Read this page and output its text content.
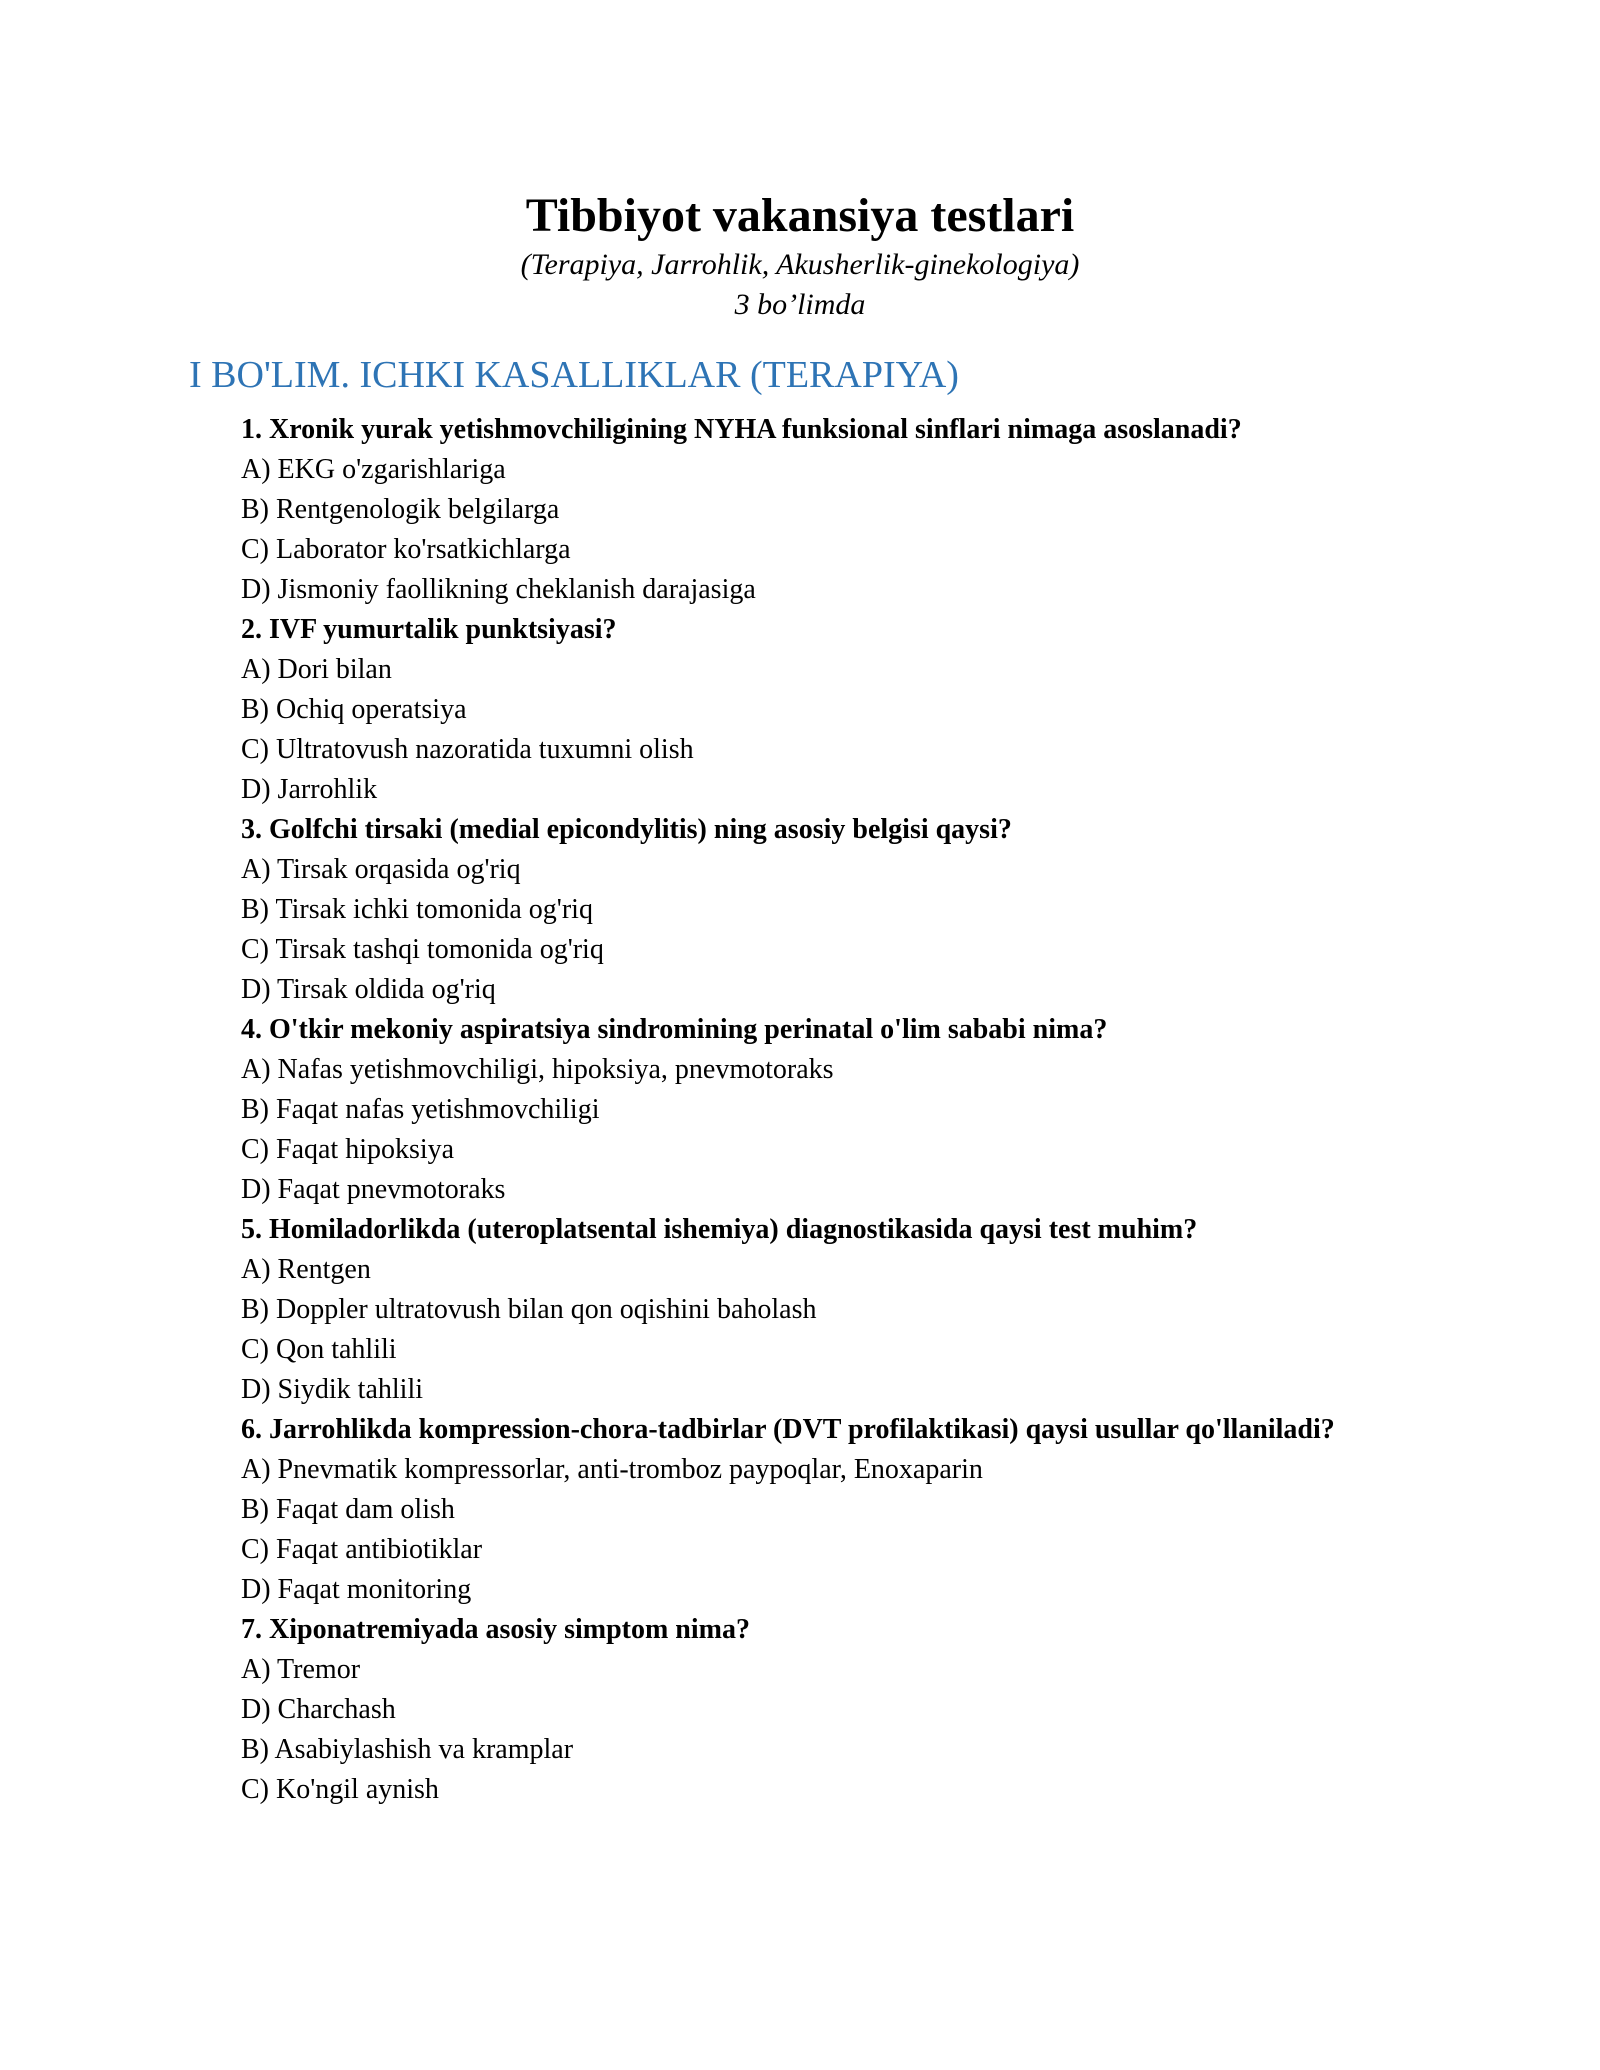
Tibbiyot vakansiya testlari
(Terapiya, Jarrohlik, Akusherlik-ginekologiya)
3 bo’limda
I BO'LIM. ICHKI KASALLIKLAR (TERAPIYA)
1. Xronik yurak yetishmovchiligining NYHA funksional sinflari nimaga asoslanadi?
A) EKG o'zgarishlariga
B) Rentgenologik belgilarga
C) Laborator ko'rsatkichlarga
D) Jismoniy faollikning cheklanish darajasiga
2. IVF yumurtalik punktsiyasi?
A) Dori bilan
B) Ochiq operatsiya
C) Ultratovush nazoratida tuxumni olish
D) Jarrohlik
3. Golfchi tirsaki (medial epicondylitis) ning asosiy belgisi qaysi?
A) Tirsak orqasida og'riq
B) Tirsak ichki tomonida og'riq
C) Tirsak tashqi tomonida og'riq
D) Tirsak oldida og'riq
4. O'tkir mekoniy aspiratsiya sindromining perinatal o'lim sababi nima?
A) Nafas yetishmovchiligi, hipoksiya, pnevmotoraks
B) Faqat nafas yetishmovchiligi
C) Faqat hipoksiya
D) Faqat pnevmotoraks
5. Homiladorlikda (uteroplatsental ishemiya) diagnostikasida qaysi test muhim?
A) Rentgen
B) Doppler ultratovush bilan qon oqishini baholash
C) Qon tahlili
D) Siydik tahlili
6. Jarrohlikda kompression-chora-tadbirlar (DVT profilaktikasi) qaysi usullar qo'llaniladi?
A) Pnevmatik kompressorlar, anti-tromboz paypoqlar, Enoxaparin
B) Faqat dam olish
C) Faqat antibiotiklar
D) Faqat monitoring
7. Xiponatremiyada asosiy simptom nima?
A) Tremor
D) Charchash
B) Asabiylashish va kramplar
C) Ko'ngil aynish
